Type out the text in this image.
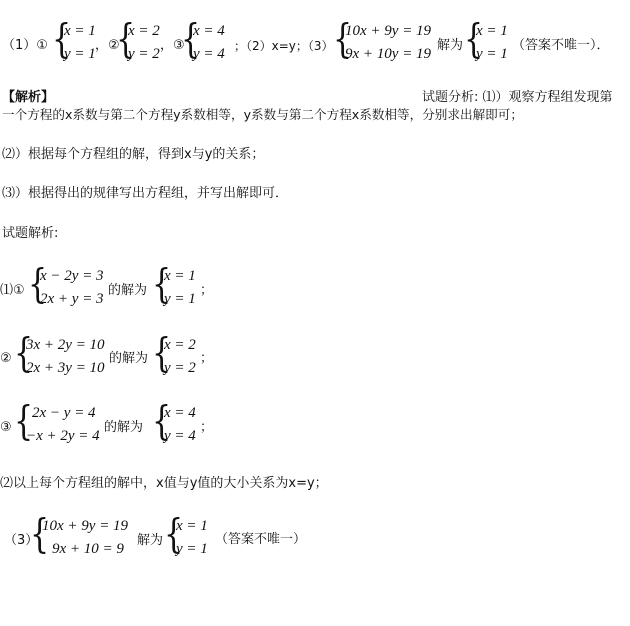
（1）① {
x = 1
y = 1
，②
{
x = 2
y = 2
，③
{
x = 4
y = 4 ；（2）x=y；（3） {
10x + 9y = 19
9x + 10y = 19
解为 {
x = 1
y = 1
（答案不唯一）．
【解析】	试题分析: ⑴）观察方程组发现第
一个方程的x系数与第二个方程y系数相等，y系数与第二个方程x系数相等，分别求出解即可；
⑵）根据每个方程组的解，得到x与y的关系；
⑶）根据得出的规律写出方程组，并写出解即可．
试题解析:
⑴① {
x − 2y = 3
2x + y = 3
的解为 {
x = 1
y = 1
；
② {
3x + 2y = 10
2x + 3y = 10
的解为 {
x = 2
y = 2
；
③ {
2x − y = 4
−x + 2y = 4
的解为 {
x = 4
y = 4
；
⑵以上每个方程组的解中，x值与y值的大小关系为x=y；
（3）
{
10x + 9y = 19
9x + 10 = 9
解为 {
x = 1
y = 1
（答案不唯一）
